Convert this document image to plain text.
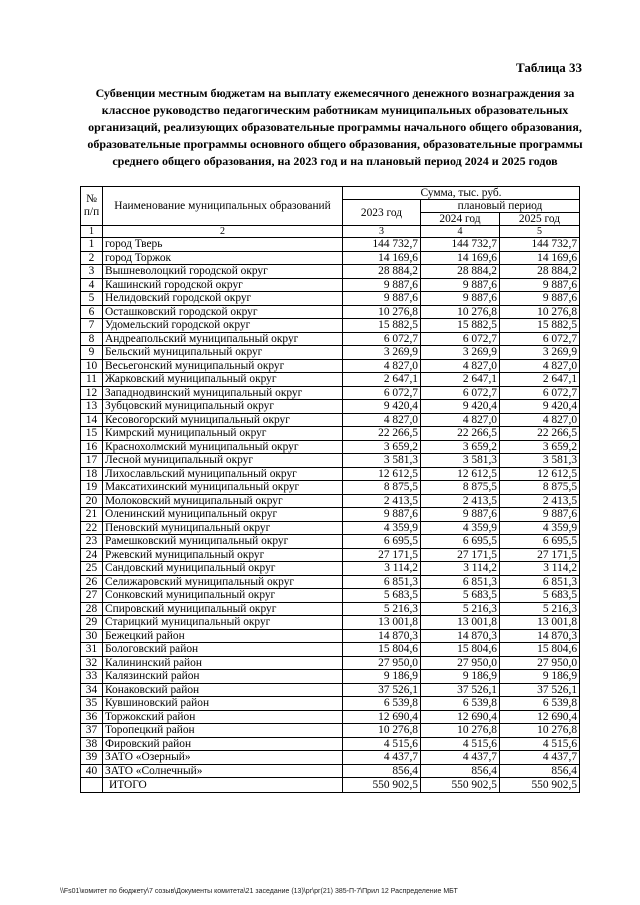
Таблица 33
Субвенции местным бюджетам на выплату ежемесячного денежного вознаграждения за классное руководство педагогическим работникам муниципальных образовательных организаций, реализующих образовательные программы начального общего образования, образовательные программы основного общего образования, образовательные программы среднего общего образования, на 2023 год и на плановый период 2024 и 2025 годов
№ п/п	Наименование муниципальных образований	Сумма, тыс. руб.		
		2023 год	плановый период	
			2024 год	2025 год
1	2	3	4	5
1	город Тверь	144 732,7	144 732,7	144 732,7
2	город Торжок	14 169,6	14 169,6	14 169,6
3	Вышневолоцкий городской округ	28 884,2	28 884,2	28 884,2
4	Кашинский городской округ	9 887,6	9 887,6	9 887,6
5	Нелидовский городской округ	9 887,6	9 887,6	9 887,6
6	Осташковский городской округ	10 276,8	10 276,8	10 276,8
7	Удомельский городской округ	15 882,5	15 882,5	15 882,5
8	Андреапольский муниципальный округ	6 072,7	6 072,7	6 072,7
9	Бельский муниципальный округ	3 269,9	3 269,9	3 269,9
10	Весьегонский муниципальный округ	4 827,0	4 827,0	4 827,0
11	Жарковский муниципальный округ	2 647,1	2 647,1	2 647,1
12	Западнодвинский муниципальный округ	6 072,7	6 072,7	6 072,7
13	Зубцовский муниципальный округ	9 420,4	9 420,4	9 420,4
14	Кесовогорский муниципальный округ	4 827,0	4 827,0	4 827,0
15	Кимрский муниципальный округ	22 266,5	22 266,5	22 266,5
16	Краснохолмский муниципальный округ	3 659,2	3 659,2	3 659,2
17	Лесной муниципальный округ	3 581,3	3 581,3	3 581,3
18	Лихославльский муниципальный округ	12 612,5	12 612,5	12 612,5
19	Максатихинский муниципальный округ	8 875,5	8 875,5	8 875,5
20	Молоковский муниципальный округ	2 413,5	2 413,5	2 413,5
21	Оленинский муниципальный округ	9 887,6	9 887,6	9 887,6
22	Пеновский муниципальный округ	4 359,9	4 359,9	4 359,9
23	Рамешковский муниципальный округ	6 695,5	6 695,5	6 695,5
24	Ржевский муниципальный округ	27 171,5	27 171,5	27 171,5
25	Сандовский муниципальный округ	3 114,2	3 114,2	3 114,2
26	Селижаровский муниципальный округ	6 851,3	6 851,3	6 851,3
27	Сонковский муниципальный округ	5 683,5	5 683,5	5 683,5
28	Спировский муниципальный округ	5 216,3	5 216,3	5 216,3
29	Старицкий муниципальный округ	13 001,8	13 001,8	13 001,8
30	Бежецкий район	14 870,3	14 870,3	14 870,3
31	Бологовский район	15 804,6	15 804,6	15 804,6
32	Калининский район	27 950,0	27 950,0	27 950,0
33	Калязинский район	9 186,9	9 186,9	9 186,9
34	Конаковский район	37 526,1	37 526,1	37 526,1
35	Кувшиновский район	6 539,8	6 539,8	6 539,8
36	Торжокский район	12 690,4	12 690,4	12 690,4
37	Торопецкий район	10 276,8	10 276,8	10 276,8
38	Фировский район	4 515,6	4 515,6	4 515,6
39	ЗАТО «Озерный»	4 437,7	4 437,7	4 437,7
40	ЗАТО «Солнечный»	856,4	856,4	856,4
	ИТОГО	550 902,5	550 902,5	550 902,5
\\Fs01\комитет по бюджету\7 созыв\Документы комитета\21 заседание (13)\рг\рг(21) 385-П-7\Прил 12 Распределение МБТ
